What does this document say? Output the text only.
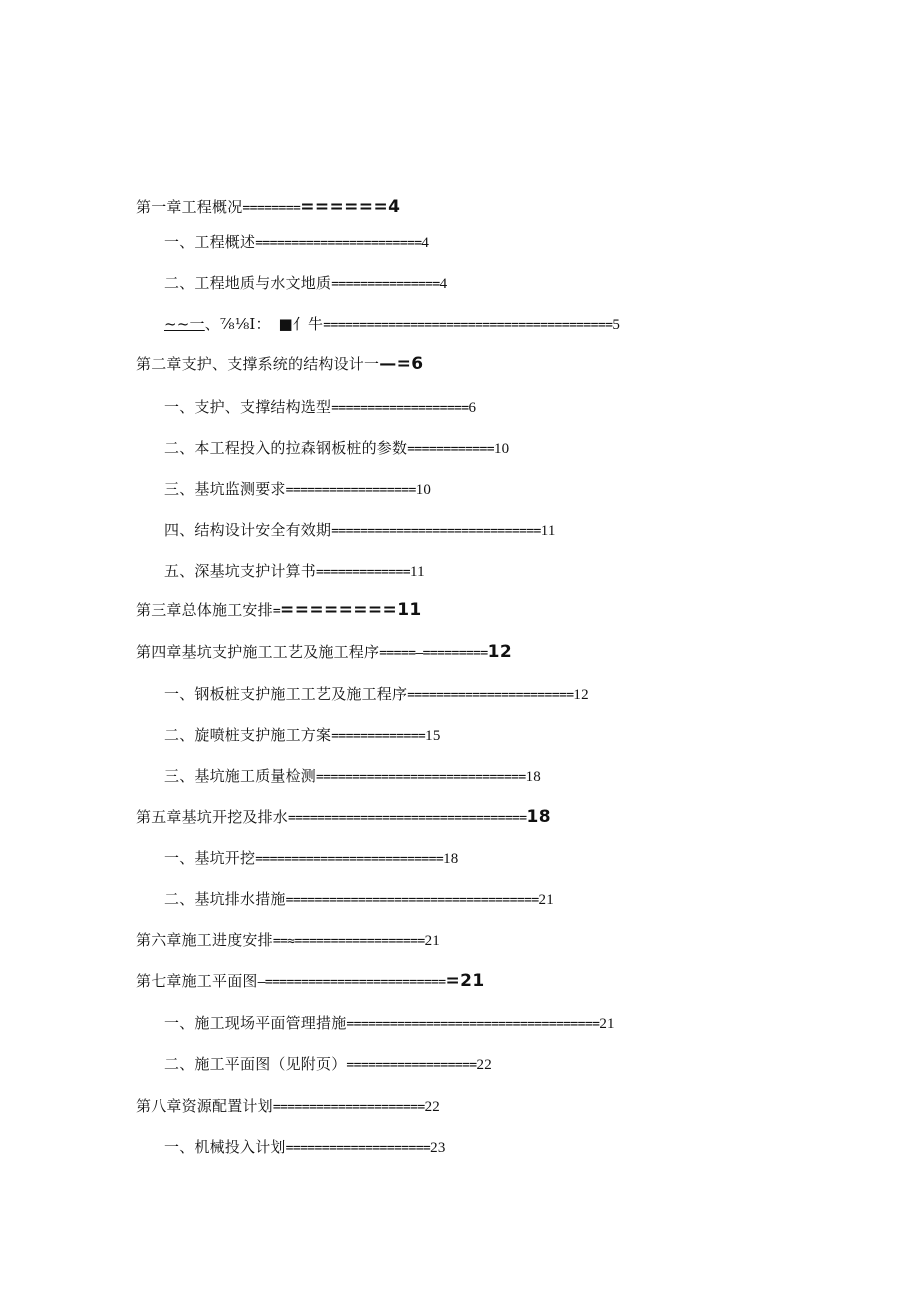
第一章工程概况==============4
一、工程概述=======================4
二、工程地质与水文地质===============4
~~一、⅞⅛I：　■亻牛========================================5
第二章支护、支撑系统的结构设计一—=6
一、支护、支撑结构选型===================6
二、本工程投入的拉森钢板桩的参数============10
三、基坑监测要求==================10
四、结构设计安全有效期=============================11
五、深基坑支护计算书=============11
第三章总体施工安排=========11
第四章基坑支护施工工艺及施工程序=====—=========12
一、钢板桩支护施工工艺及施工程序=======================12
二、旋喷桩支护施工方案=============15
三、基坑施工质量检测=============================18
第五章基坑开挖及排水=================================18
一、基坑开挖==========================18
二、基坑排水措施===================================21
第六章施工进度安排==≈==================21
第七章施工平面图—==========================21
一、施工现场平面管理措施===================================21
二、施工平面图（见附页）==================22
第八章资源配置计划=====================22
一、机械投入计划====================23
